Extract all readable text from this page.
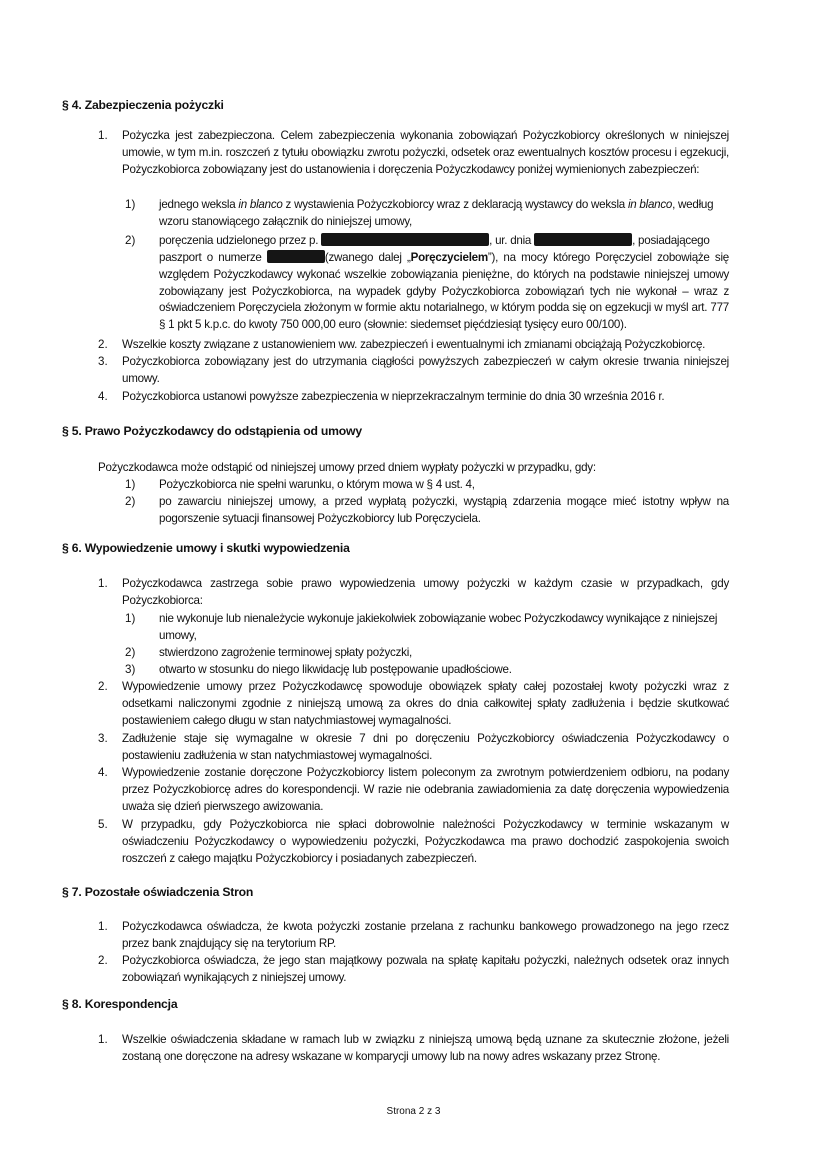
§ 4. Zabezpieczenia pożyczki
1. Pożyczka jest zabezpieczona. Celem zabezpieczenia wykonania zobowiązań Pożyczkobiorcy określonych w niniejszej umowie, w tym m.in. roszczeń z tytułu obowiązku zwrotu pożyczki, odsetek oraz ewentualnych kosztów procesu i egzekucji, Pożyczkobiorca zobowiązany jest do ustanowienia i doręczenia Pożyczkodawcy poniżej wymienionych zabezpieczeń:
1) jednego weksla in blanco z wystawienia Pożyczkobiorcy wraz z deklaracją wystawcy do weksla in blanco, według wzoru stanowiącego załącznik do niniejszej umowy,
2) poręczenia udzielonego przez p.	, ur. dnia	, posiadającego
paszport o numerze	(zwanego dalej „Poręczycielem”), na mocy którego Poręczyciel zobowiąże się względem Pożyczkodawcy wykonać wszelkie zobowiązania pieniężne, do których na podstawie niniejszej umowy zobowiązany jest Pożyczkobiorca, na wypadek gdyby Pożyczkobiorca zobowiązań tych nie wykonał – wraz z oświadczeniem Poręczyciela złożonym w formie aktu notarialnego, w którym podda się on egzekucji w myśl art. 777 § 1 pkt 5 k.p.c. do kwoty 750 000,00 euro (słownie: siedemset pięćdziesiąt tysięcy euro 00/100).
2. Wszelkie koszty związane z ustanowieniem ww. zabezpieczeń i ewentualnymi ich zmianami obciążają Pożyczkobiorcę.
3. Pożyczkobiorca zobowiązany jest do utrzymania ciągłości powyższych zabezpieczeń w całym okresie trwania niniejszej umowy.
4. Pożyczkobiorca ustanowi powyższe zabezpieczenia w nieprzekraczalnym terminie do dnia 30 września 2016 r.
§ 5. Prawo Pożyczkodawcy do odstąpienia od umowy
Pożyczkodawca może odstąpić od niniejszej umowy przed dniem wypłaty pożyczki w przypadku, gdy:
1) Pożyczkobiorca nie spełni warunku, o którym mowa w § 4 ust. 4,
2) po zawarciu niniejszej umowy, a przed wypłatą pożyczki, wystąpią zdarzenia mogące mieć istotny wpływ na pogorszenie sytuacji finansowej Pożyczkobiorcy lub Poręczyciela.
§ 6. Wypowiedzenie umowy i skutki wypowiedzenia
1. Pożyczkodawca zastrzega sobie prawo wypowiedzenia umowy pożyczki w każdym czasie w przypadkach, gdy Pożyczkobiorca:
1) nie wykonuje lub nienależycie wykonuje jakiekolwiek zobowiązanie wobec Pożyczkodawcy wynikające z niniejszej umowy,
2) stwierdzono zagrożenie terminowej spłaty pożyczki,
3) otwarto w stosunku do niego likwidację lub postępowanie upadłościowe.
2. Wypowiedzenie umowy przez Pożyczkodawcę spowoduje obowiązek spłaty całej pozostałej kwoty pożyczki wraz z odsetkami naliczonymi zgodnie z niniejszą umową za okres do dnia całkowitej spłaty zadłużenia i będzie skutkować postawieniem całego długu w stan natychmiastowej wymagalności.
3. Zadłużenie staje się wymagalne w okresie 7 dni po doręczeniu Pożyczkobiorcy oświadczenia Pożyczkodawcy o postawieniu zadłużenia w stan natychmiastowej wymagalności.
4. Wypowiedzenie zostanie doręczone Pożyczkobiorcy listem poleconym za zwrotnym potwierdzeniem odbioru, na podany przez Pożyczkobiorcę adres do korespondencji. W razie nie odebrania zawiadomienia za datę doręczenia wypowiedzenia uważa się dzień pierwszego awizowania.
5. W przypadku, gdy Pożyczkobiorca nie spłaci dobrowolnie należności Pożyczkodawcy w terminie wskazanym w oświadczeniu Pożyczkodawcy o wypowiedzeniu pożyczki, Pożyczkodawca ma prawo dochodzić zaspokojenia swoich roszczeń z całego majątku Pożyczkobiorcy i posiadanych zabezpieczeń.
§ 7. Pozostałe oświadczenia Stron
1. Pożyczkodawca oświadcza, że kwota pożyczki zostanie przelana z rachunku bankowego prowadzonego na jego rzecz przez bank znajdujący się na terytorium RP.
2. Pożyczkobiorca oświadcza, że jego stan majątkowy pozwala na spłatę kapitału pożyczki, należnych odsetek oraz innych zobowiązań wynikających z niniejszej umowy.
§ 8. Korespondencja
1. Wszelkie oświadczenia składane w ramach lub w związku z niniejszą umową będą uznane za skutecznie złożone, jeżeli zostaną one doręczone na adresy wskazane w komparycji umowy lub na nowy adres wskazany przez Stronę.
Strona 2 z 3
